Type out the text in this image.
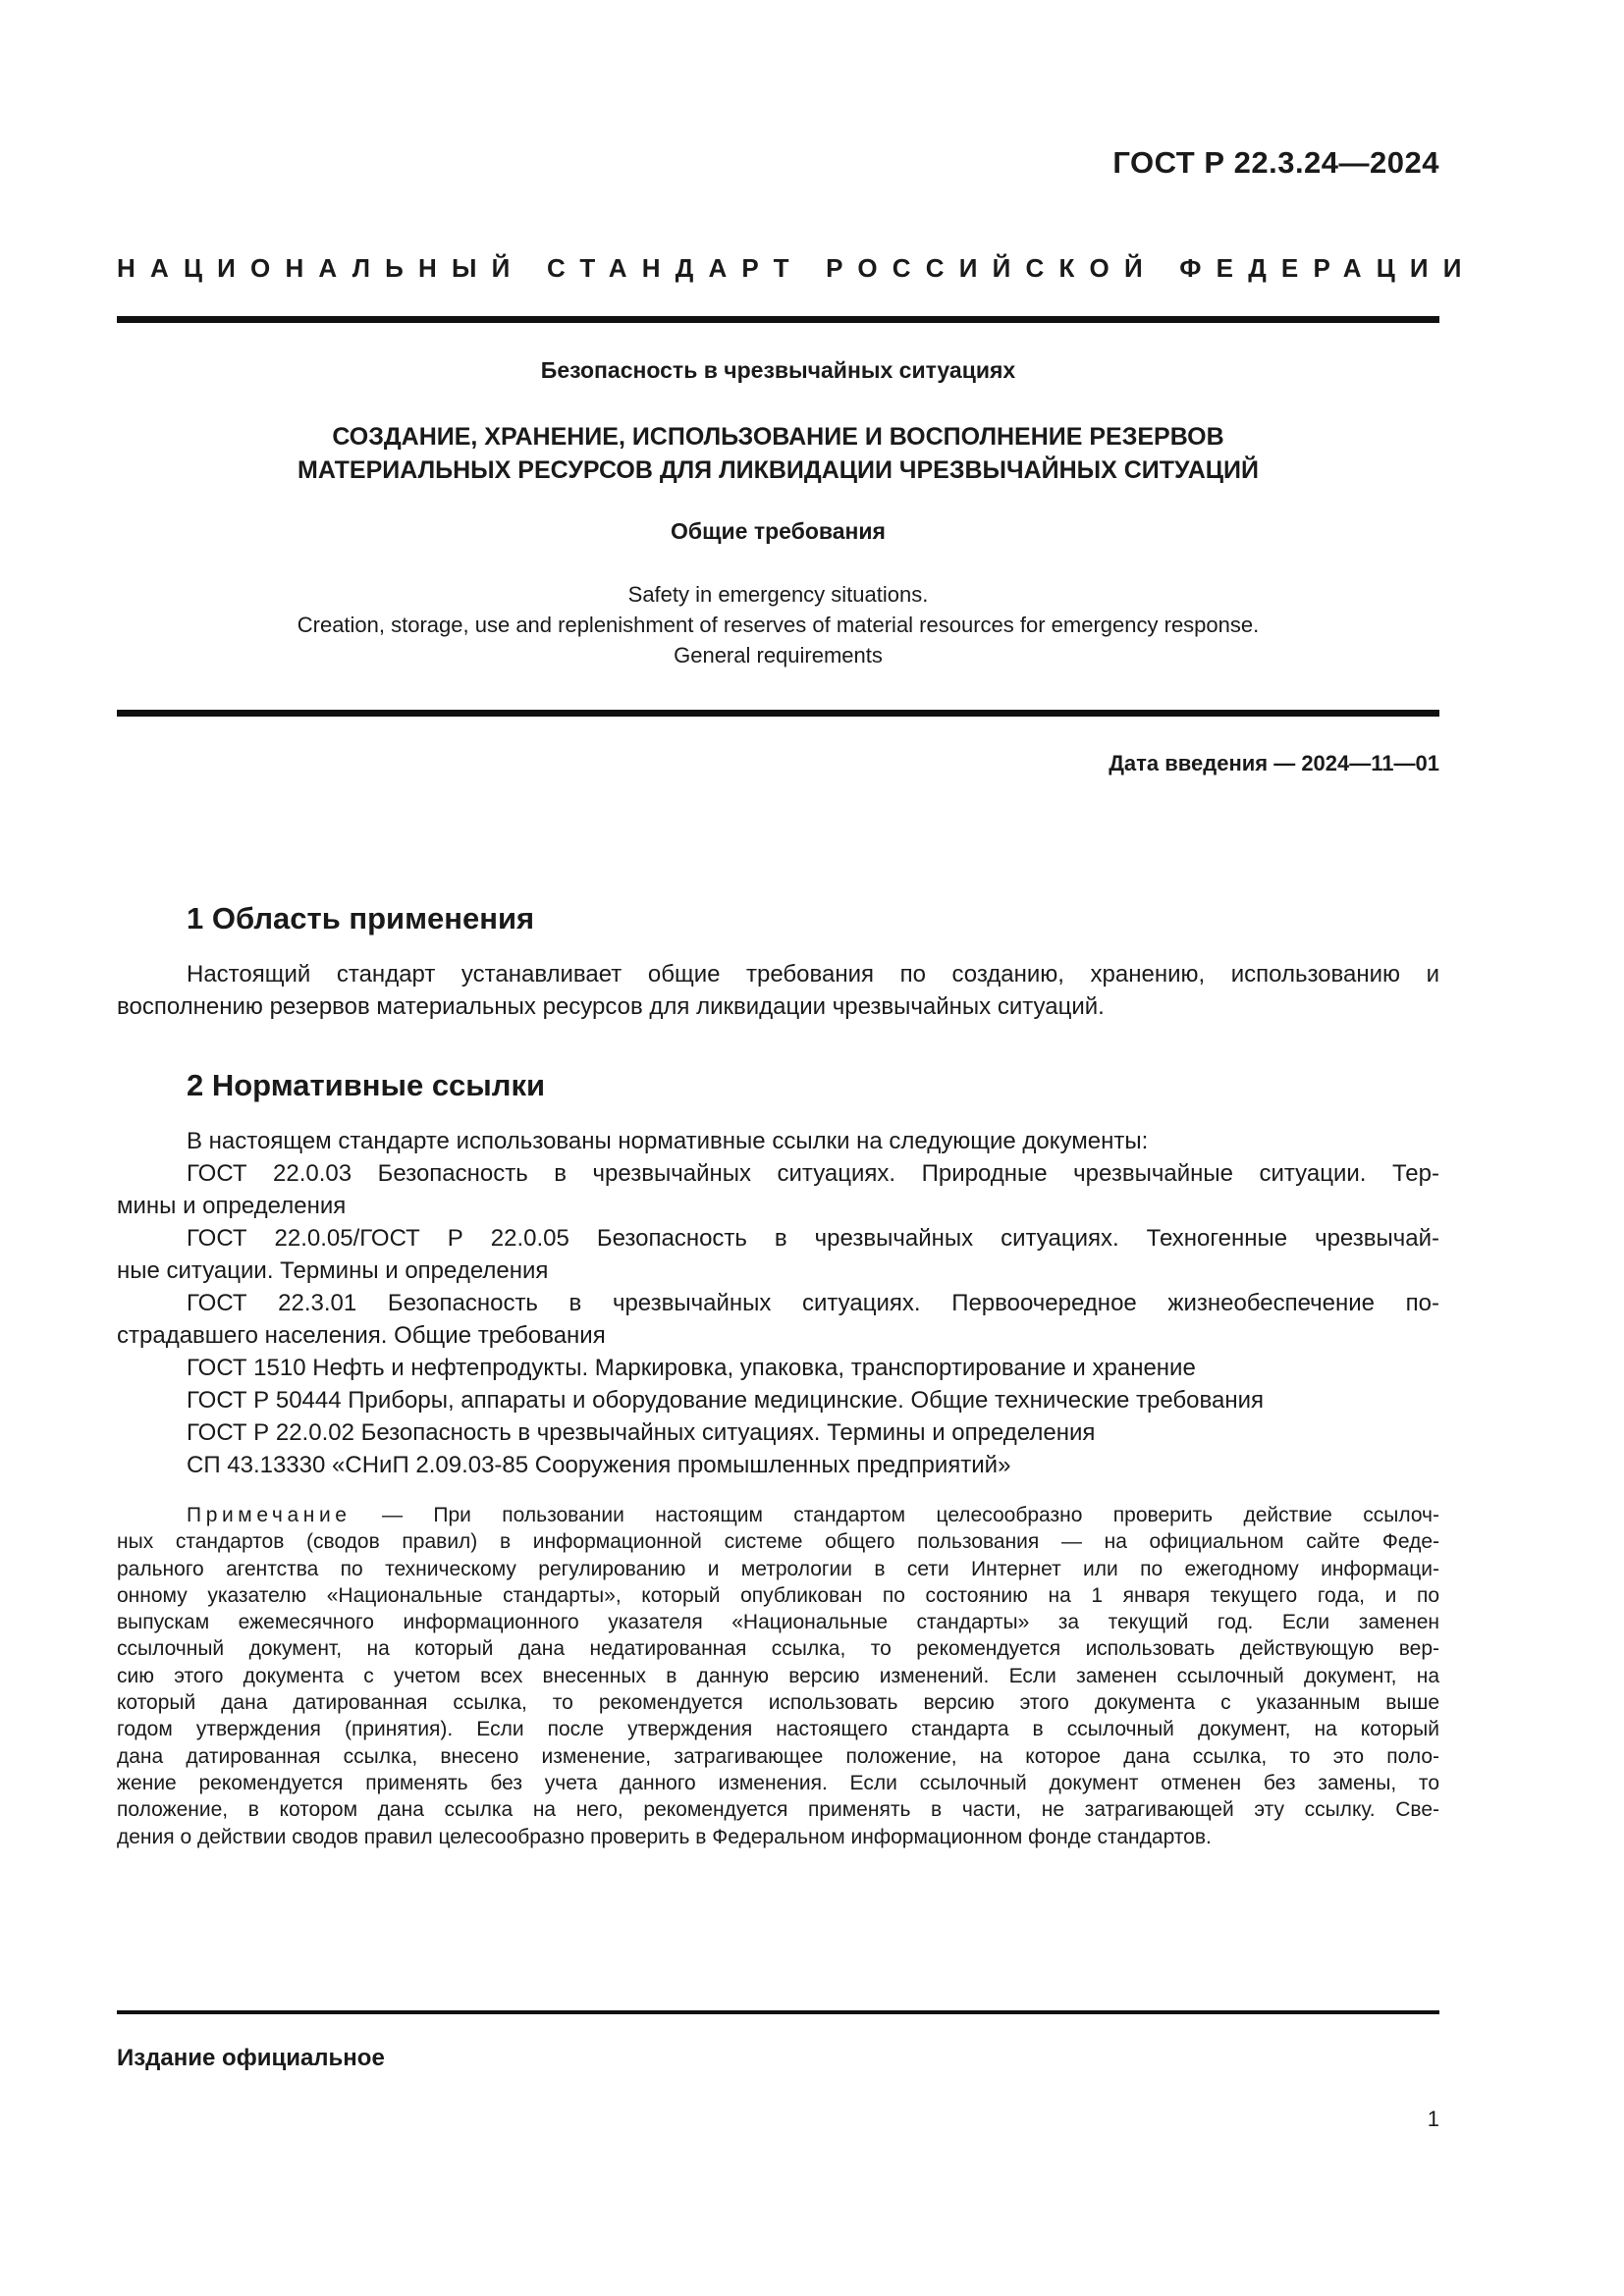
ГОСТ Р 22.3.24—2024
НАЦИОНАЛЬНЫЙ СТАНДАРТ РОССИЙСКОЙ ФЕДЕРАЦИИ
Безопасность в чрезвычайных ситуациях
СОЗДАНИЕ, ХРАНЕНИЕ, ИСПОЛЬЗОВАНИЕ И ВОСПОЛНЕНИЕ РЕЗЕРВОВ
МАТЕРИАЛЬНЫХ РЕСУРСОВ ДЛЯ ЛИКВИДАЦИИ ЧРЕЗВЫЧАЙНЫХ СИТУАЦИЙ
Общие требования
Safety in emergency situations.
Creation, storage, use and replenishment of reserves of material resources for emergency response.
General requirements
Дата введения — 2024—11—01
1 Область применения
Настоящий стандарт устанавливает общие требования по созданию, хранению, использованию и
восполнению резервов материальных ресурсов для ликвидации чрезвычайных ситуаций.
2 Нормативные ссылки
В настоящем стандарте использованы нормативные ссылки на следующие документы:
ГОСТ 22.0.03 Безопасность в чрезвычайных ситуациях. Природные чрезвычайные ситуации. Тер-
мины и определения
ГОСТ 22.0.05/ГОСТ Р 22.0.05 Безопасность в чрезвычайных ситуациях. Техногенные чрезвычай-
ные ситуации. Термины и определения
ГОСТ 22.3.01 Безопасность в чрезвычайных ситуациях. Первоочередное жизнеобеспечение по-
страдавшего населения. Общие требования
ГОСТ 1510 Нефть и нефтепродукты. Маркировка, упаковка, транспортирование и хранение
ГОСТ Р 50444 Приборы, аппараты и оборудование медицинские. Общие технические требования
ГОСТ Р 22.0.02 Безопасность в чрезвычайных ситуациях. Термины и определения
СП 43.13330 «СНиП 2.09.03-85 Сооружения промышленных предприятий»
Примечание — При пользовании настоящим стандартом целесообразно проверить действие ссылоч-
ных стандартов (сводов правил) в информационной системе общего пользования — на официальном сайте Феде-
рального агентства по техническому регулированию и метрологии в сети Интернет или по ежегодному информаци-
онному указателю «Национальные стандарты», который опубликован по состоянию на 1 января текущего года, и по
выпускам ежемесячного информационного указателя «Национальные стандарты» за текущий год. Если заменен
ссылочный документ, на который дана недатированная ссылка, то рекомендуется использовать действующую вер-
сию этого документа с учетом всех внесенных в данную версию изменений. Если заменен ссылочный документ, на
который дана датированная ссылка, то рекомендуется использовать версию этого документа с указанным выше
годом утверждения (принятия). Если после утверждения настоящего стандарта в ссылочный документ, на который
дана датированная ссылка, внесено изменение, затрагивающее положение, на которое дана ссылка, то это поло-
жение рекомендуется применять без учета данного изменения. Если ссылочный документ отменен без замены, то
положение, в котором дана ссылка на него, рекомендуется применять в части, не затрагивающей эту ссылку. Све-
дения о действии сводов правил целесообразно проверить в Федеральном информационном фонде стандартов.
Издание официальное
1
